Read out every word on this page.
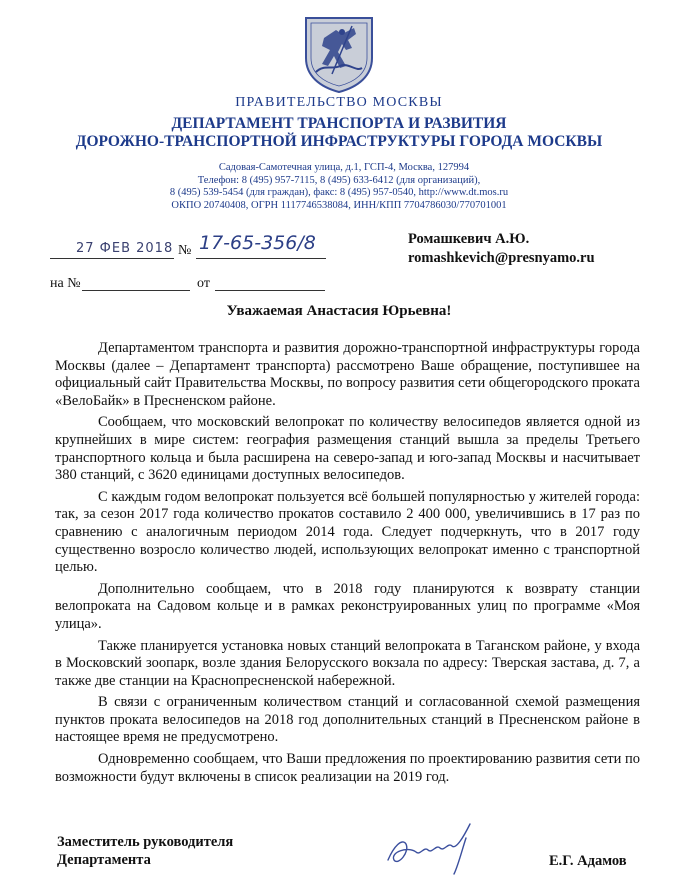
ПРАВИТЕЛЬСТВО МОСКВЫ
ДЕПАРТАМЕНТ ТРАНСПОРТА И РАЗВИТИЯ
ДОРОЖНО-ТРАНСПОРТНОЙ ИНФРАСТРУКТУРЫ ГОРОДА МОСКВЫ
Садовая-Самотечная улица, д.1, ГСП-4, Москва, 127994
Телефон: 8 (495) 957-7115, 8 (495) 633-6412 (для организаций),
8 (495) 539-5454 (для граждан), факс: 8 (495) 957-0540, http://www.dt.mos.ru
ОКПО 20740408, ОГРН 1117746538084, ИНН/КПП 7704786030/770701001
27 ФЕВ 2018 № 17-65-356/8
на №	от
Ромашкевич А.Ю.
romashkevich@presnyamo.ru
Уважаемая Анастасия Юрьевна!

Департаментом транспорта и развития дорожно-транспортной инфраструктуры города Москвы (далее – Департамент транспорта) рассмотрено Ваше обращение, поступившее на официальный сайт Правительства Москвы, по вопросу развития сети общегородского проката «ВелоБайк» в Пресненском районе.

Сообщаем, что московский велопрокат по количеству велосипедов является одной из крупнейших в мире систем: география размещения станций вышла за пределы Третьего транспортного кольца и была расширена на северо-запад и юго-запад Москвы и насчитывает 380 станций, с 3620 единицами доступных велосипедов.

С каждым годом велопрокат пользуется всё большей популярностью у жителей города: так, за сезон 2017 года количество прокатов составило 2 400 000, увеличившись в 17 раз по сравнению с аналогичным периодом 2014 года. Следует подчеркнуть, что в 2017 году существенно возросло количество людей, использующих велопрокат именно с транспортной целью.

Дополнительно сообщаем, что в 2018 году планируются к возврату станции велопроката на Садовом кольце и в рамках реконструированных улиц по программе «Моя улица».

Также планируется установка новых станций велопроката в Таганском районе, у входа в Московский зоопарк, возле здания Белорусского вокзала по адресу: Тверская застава, д. 7, а также две станции на Краснопресненской набережной.

В связи с ограниченным количеством станций и согласованной схемой размещения пунктов проката велосипедов на 2018 год дополнительных станций в Пресненском районе в настоящее время не предусмотрено.

Одновременно сообщаем, что Ваши предложения по проектированию развития сети по возможности будут включены в список реализации на 2019 год.

Заместитель руководителя
Департамента	Е.Г. Адамов
